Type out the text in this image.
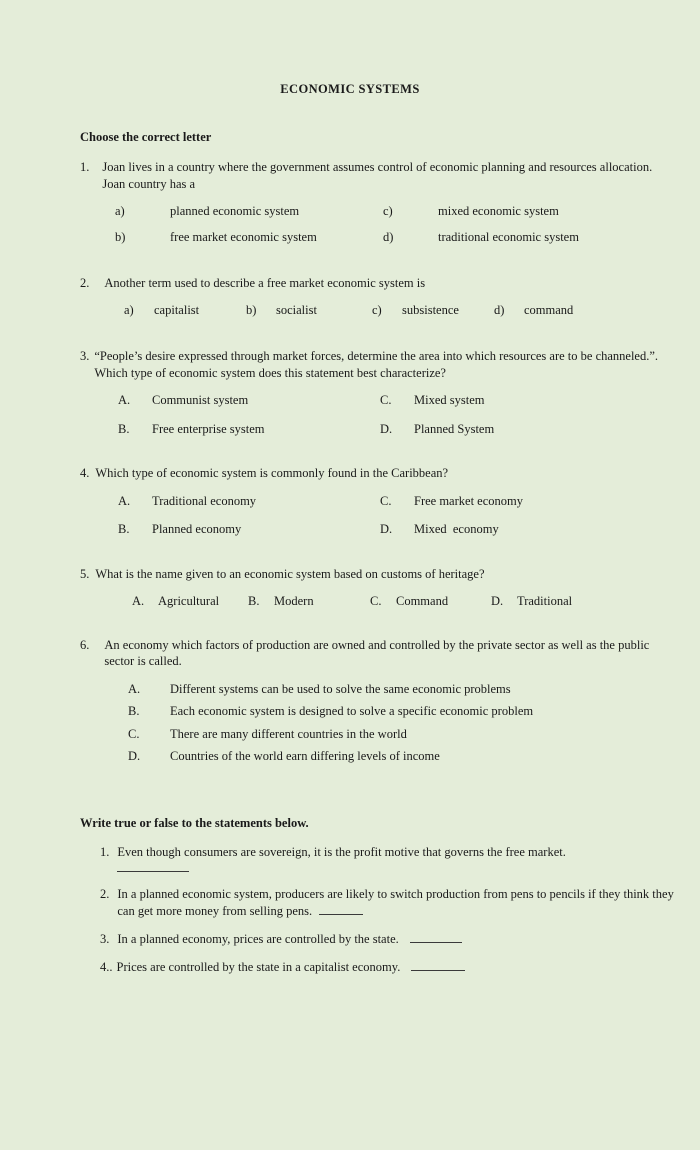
ECONOMIC SYSTEMS
Choose the correct letter
1. Joan lives in a country where the government assumes control of economic planning and resources allocation. Joan country has a
a)	planned economic system	c)	mixed economic system
b)	free market economic system	d)	traditional economic system
2. Another term used to describe a free market economic system is
a)	capitalist	b)	socialist	c)	subsistence	d)	command
3. “People’s desire expressed through market forces, determine the area into which resources are to be channeled.”. Which type of economic system does this statement best characterize?
A.	Communist system	C.	Mixed system
B.	Free enterprise system	D.	Planned System
4. Which type of economic system is commonly found in the Caribbean?
A.	Traditional economy	C.	Free market economy
B.	Planned economy	D.	Mixed  economy
5. What is the name given to an economic system based on customs of heritage?
A.	Agricultural	B.	Modern	C.	Command	D.	Traditional
6. An economy which factors of production are owned and controlled by the private sector as well as the public sector is called.
A.	Different systems can be used to solve the same economic problems
B.	Each economic system is designed to solve a specific economic problem
C.	There are many different countries in the world
D.	Countries of the world earn differing levels of income
Write true or false to the statements below.
1. Even though consumers are sovereign, it is the profit motive that governs the free market.
2. In a planned economic system, producers are likely to switch production from pens to pencils if they think they can get more money from selling pens.
3. In a planned economy, prices are controlled by the state.
4.. Prices are controlled by the state in a capitalist economy.
